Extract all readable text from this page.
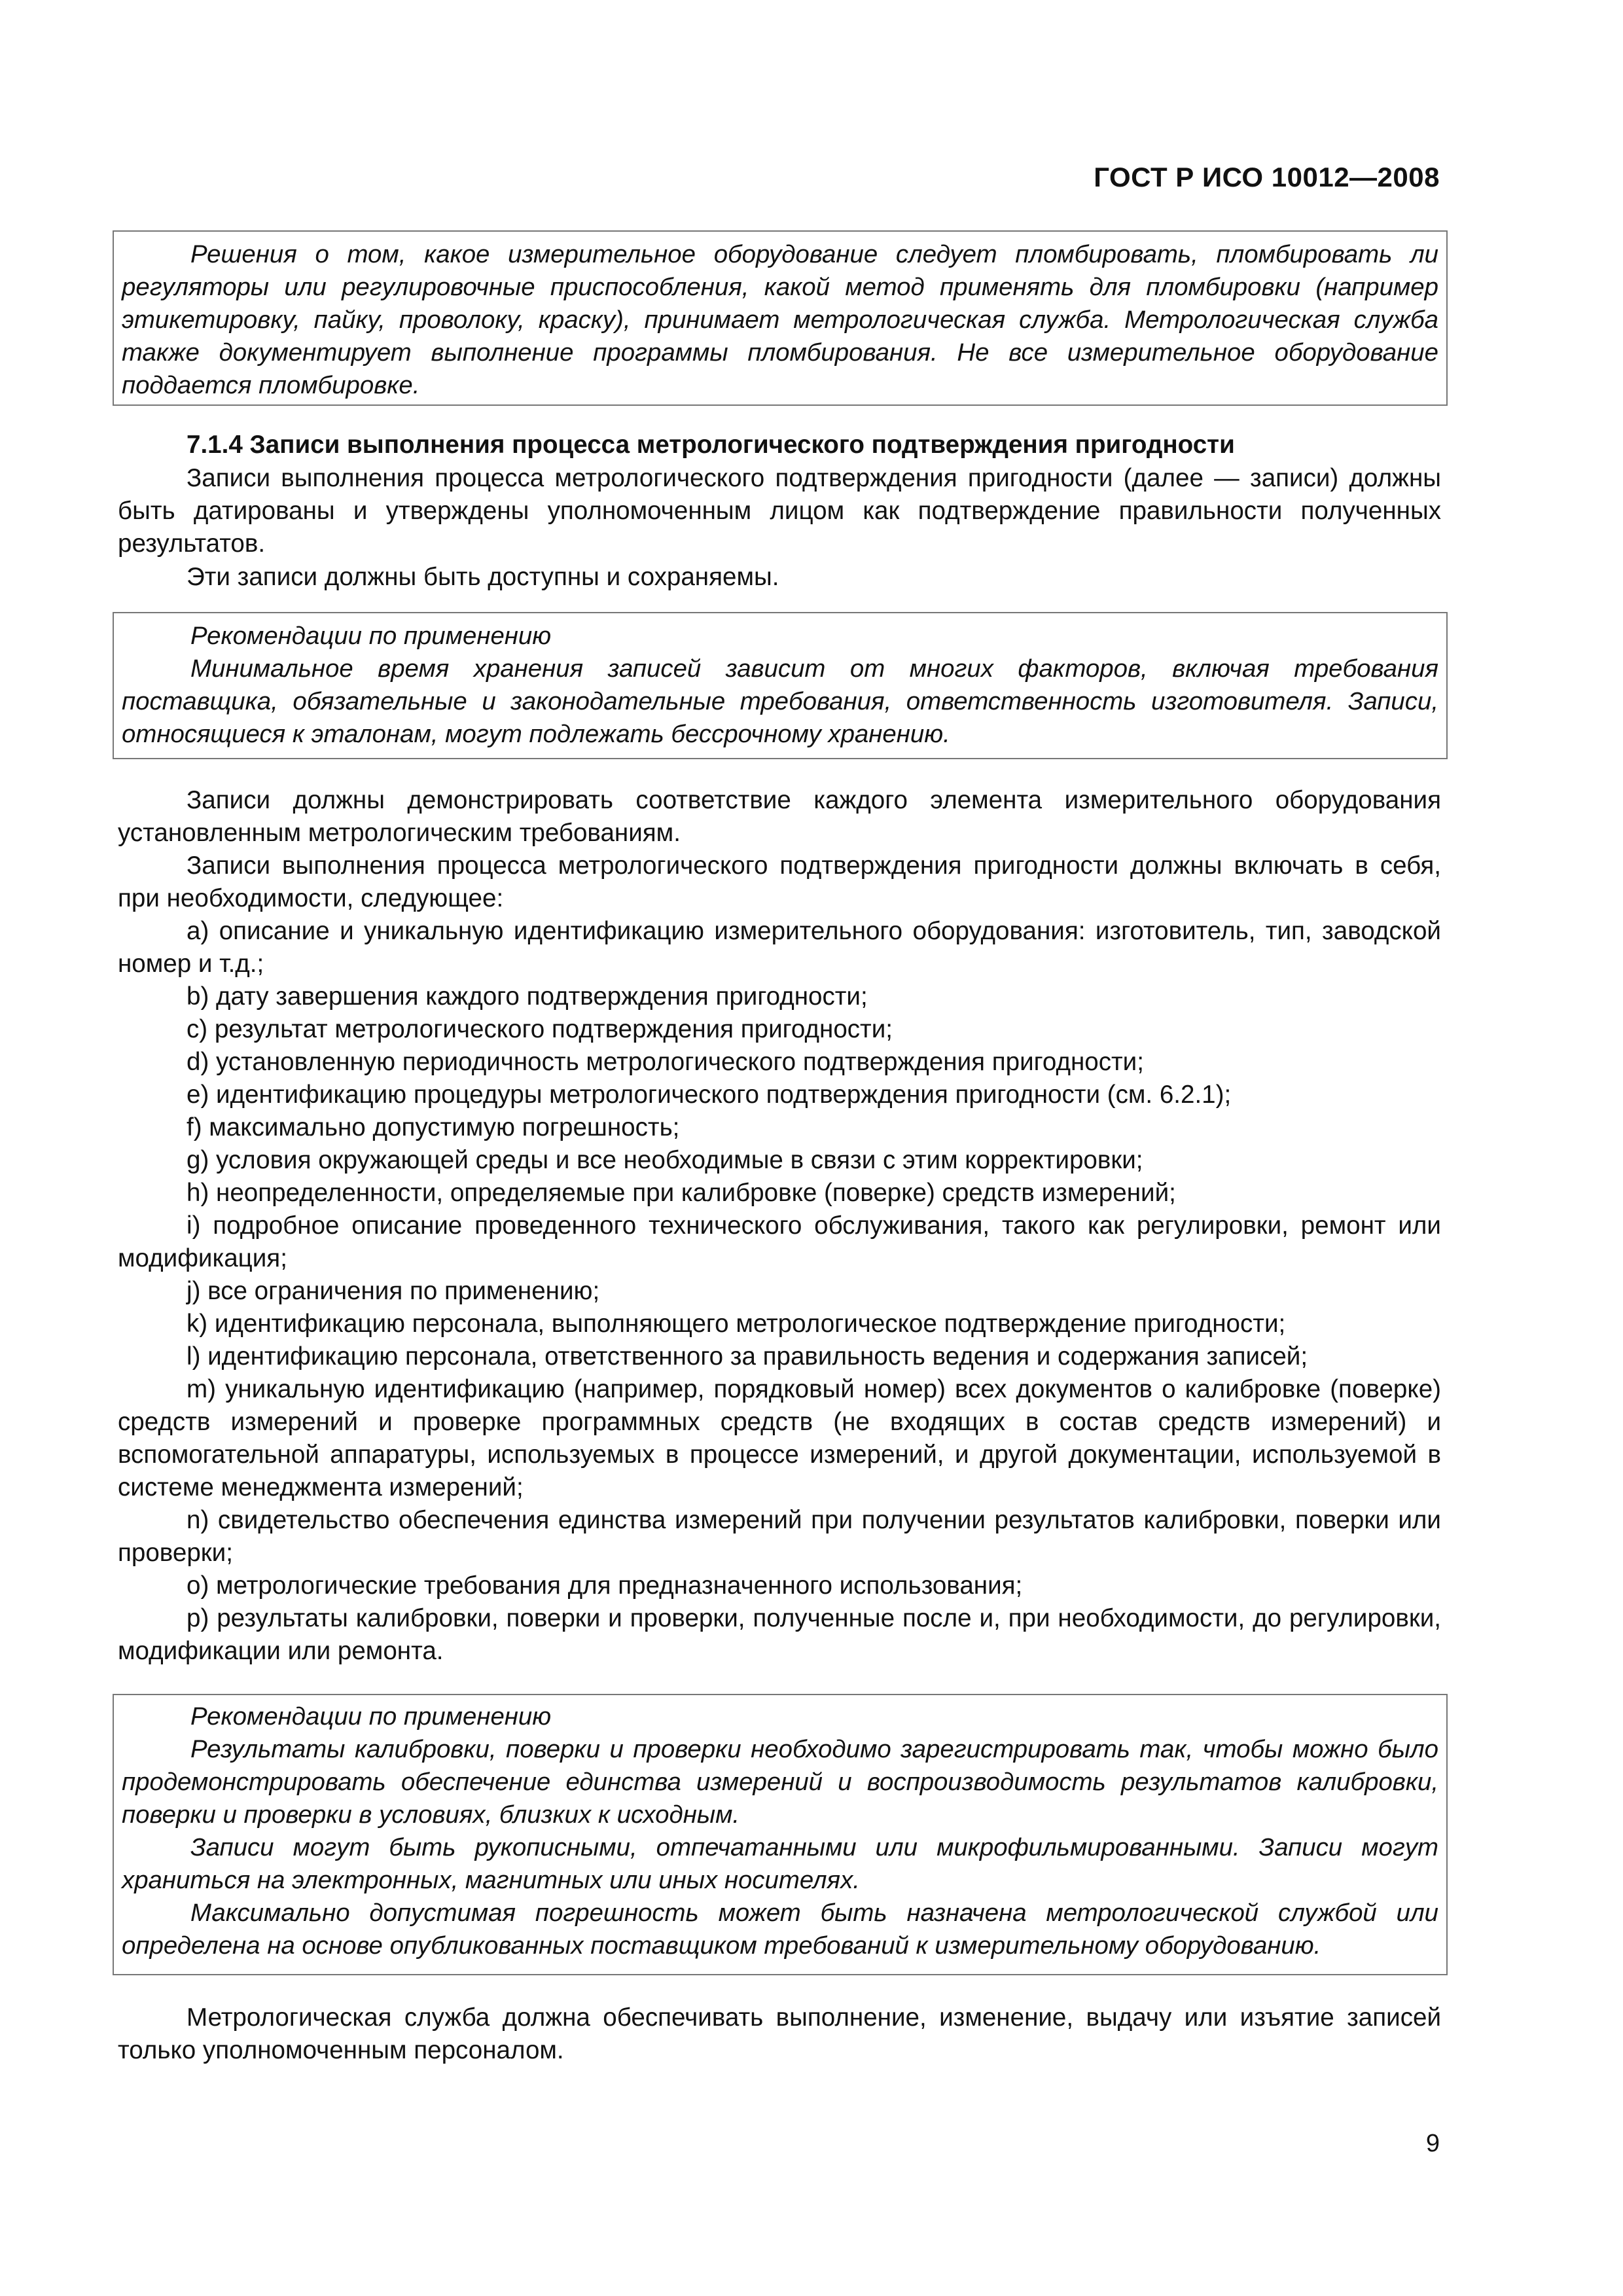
ГОСТ Р ИСО 10012—2008

Решения о том, какое измерительное оборудование следует пломбировать, пломбировать ли регуляторы или регулировочные приспособления, какой метод применять для пломбировки (например этикетировку, пайку, проволоку, краску), принимает метрологическая служба. Метрологическая служба также документирует выполнение программы пломбирования. Не все измерительное оборудование поддается пломбировке.

7.1.4 Записи выполнения процесса метрологического подтверждения пригодности

Записи выполнения процесса метрологического подтверждения пригодности (далее — записи) должны быть датированы и утверждены уполномоченным лицом как подтверждение правильности полученных результатов.

Эти записи должны быть доступны и сохраняемы.

Рекомендации по применению

Минимальное время хранения записей зависит от многих факторов, включая требования поставщика, обязательные и законодательные требования, ответственность изготовителя. Записи, относящиеся к эталонам, могут подлежать бессрочному хранению.

Записи должны демонстрировать соответствие каждого элемента измерительного оборудования установленным метрологическим требованиям.

Записи выполнения процесса метрологического подтверждения пригодности должны включать в себя, при необходимости, следующее:

a) описание и уникальную идентификацию измерительного оборудования: изготовитель, тип, заводской номер и т.д.;

b) дату завершения каждого подтверждения пригодности;

c) результат метрологического подтверждения пригодности;

d) установленную периодичность метрологического подтверждения пригодности;

e) идентификацию процедуры метрологического подтверждения пригодности (см. 6.2.1);

f) максимально допустимую погрешность;

g) условия окружающей среды и все необходимые в связи с этим корректировки;

h) неопределенности, определяемые при калибровке (поверке) средств измерений;

i) подробное описание проведенного технического обслуживания, такого как регулировки, ремонт или модификация;

j) все ограничения по применению;

k) идентификацию персонала, выполняющего метрологическое подтверждение пригодности;

l) идентификацию персонала, ответственного за правильность ведения и содержания записей;

m) уникальную идентификацию (например, порядковый номер) всех документов о калибровке (поверке) средств измерений и проверке программных средств (не входящих в состав средств измерений) и вспомогательной аппаратуры, используемых в процессе измерений, и другой документации, используемой в системе менеджмента измерений;

n) свидетельство обеспечения единства измерений при получении результатов калибровки, поверки или проверки;

o) метрологические требования для предназначенного использования;

p) результаты калибровки, поверки и проверки, полученные после и, при необходимости, до регулировки, модификации или ремонта.

Рекомендации по применению

Результаты калибровки, поверки и проверки необходимо зарегистрировать так, чтобы можно было продемонстрировать обеспечение единства измерений и воспроизводимость результатов калибровки, поверки и проверки в условиях, близких к исходным.

Записи могут быть рукописными, отпечатанными или микрофильмированными. Записи могут храниться на электронных, магнитных или иных носителях.

Максимально допустимая погрешность может быть назначена метрологической службой или определена на основе опубликованных поставщиком требований к измерительному оборудованию.

Метрологическая служба должна обеспечивать выполнение, изменение, выдачу или изъятие записей только уполномоченным персоналом.

9
